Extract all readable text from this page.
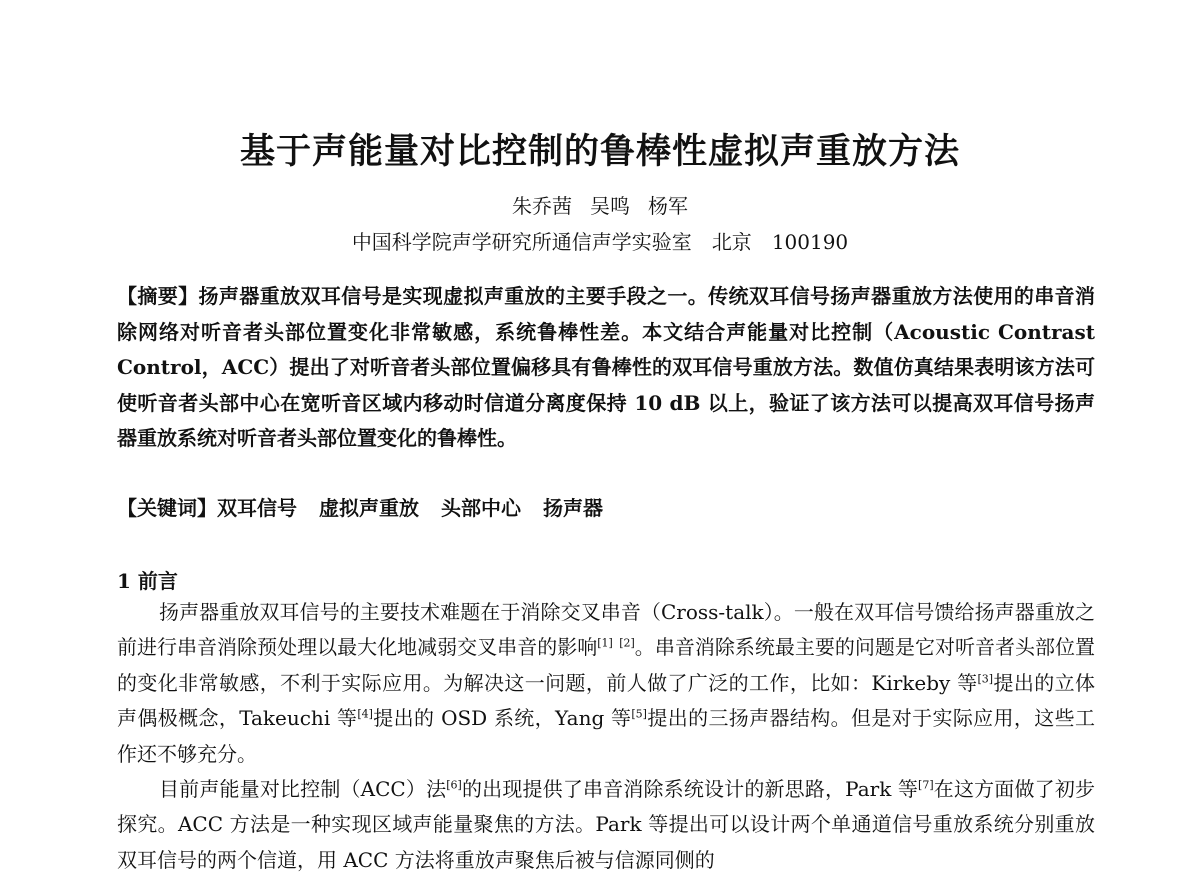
基于声能量对比控制的鲁棒性虚拟声重放方法
朱乔茜 吴鸣 杨军
中国科学院声学研究所通信声学实验室 北京 100190
【摘要】扬声器重放双耳信号是实现虚拟声重放的主要手段之一。传统双耳信号扬声器重放方法使用的串音消除网络对听音者头部位置变化非常敏感，系统鲁棒性差。本文结合声能量对比控制（Acoustic Contrast Control，ACC）提出了对听音者头部位置偏移具有鲁棒性的双耳信号重放方法。数值仿真结果表明该方法可使听音者头部中心在宽听音区域内移动时信道分离度保持 10 dB 以上，验证了该方法可以提高双耳信号扬声器重放系统对听音者头部位置变化的鲁棒性。
【关键词】双耳信号 虚拟声重放 头部中心 扬声器
1 前言

扬声器重放双耳信号的主要技术难题在于消除交叉串音（Cross-talk）。一般在双耳信号馈给扬声器重放之前进行串音消除预处理以最大化地减弱交叉串音的影响[1] [2]。串音消除系统最主要的问题是它对听音者头部位置的变化非常敏感，不利于实际应用。为解决这一问题，前人做了广泛的工作，比如：Kirkeby 等[3]提出的立体声偶极概念，Takeuchi 等[4]提出的 OSD 系统，Yang 等[5]提出的三扬声器结构。但是对于实际应用，这些工作还不够充分。

目前声能量对比控制（ACC）法[6]的出现提供了串音消除系统设计的新思路，Park 等[7]在这方面做了初步探究。ACC 方法是一种实现区域声能量聚焦的方法。Park 等提出可以设计两个单通道信号重放系统分别重放双耳信号的两个信道，用 ACC 方法将重放声聚焦后被与信源同侧的
